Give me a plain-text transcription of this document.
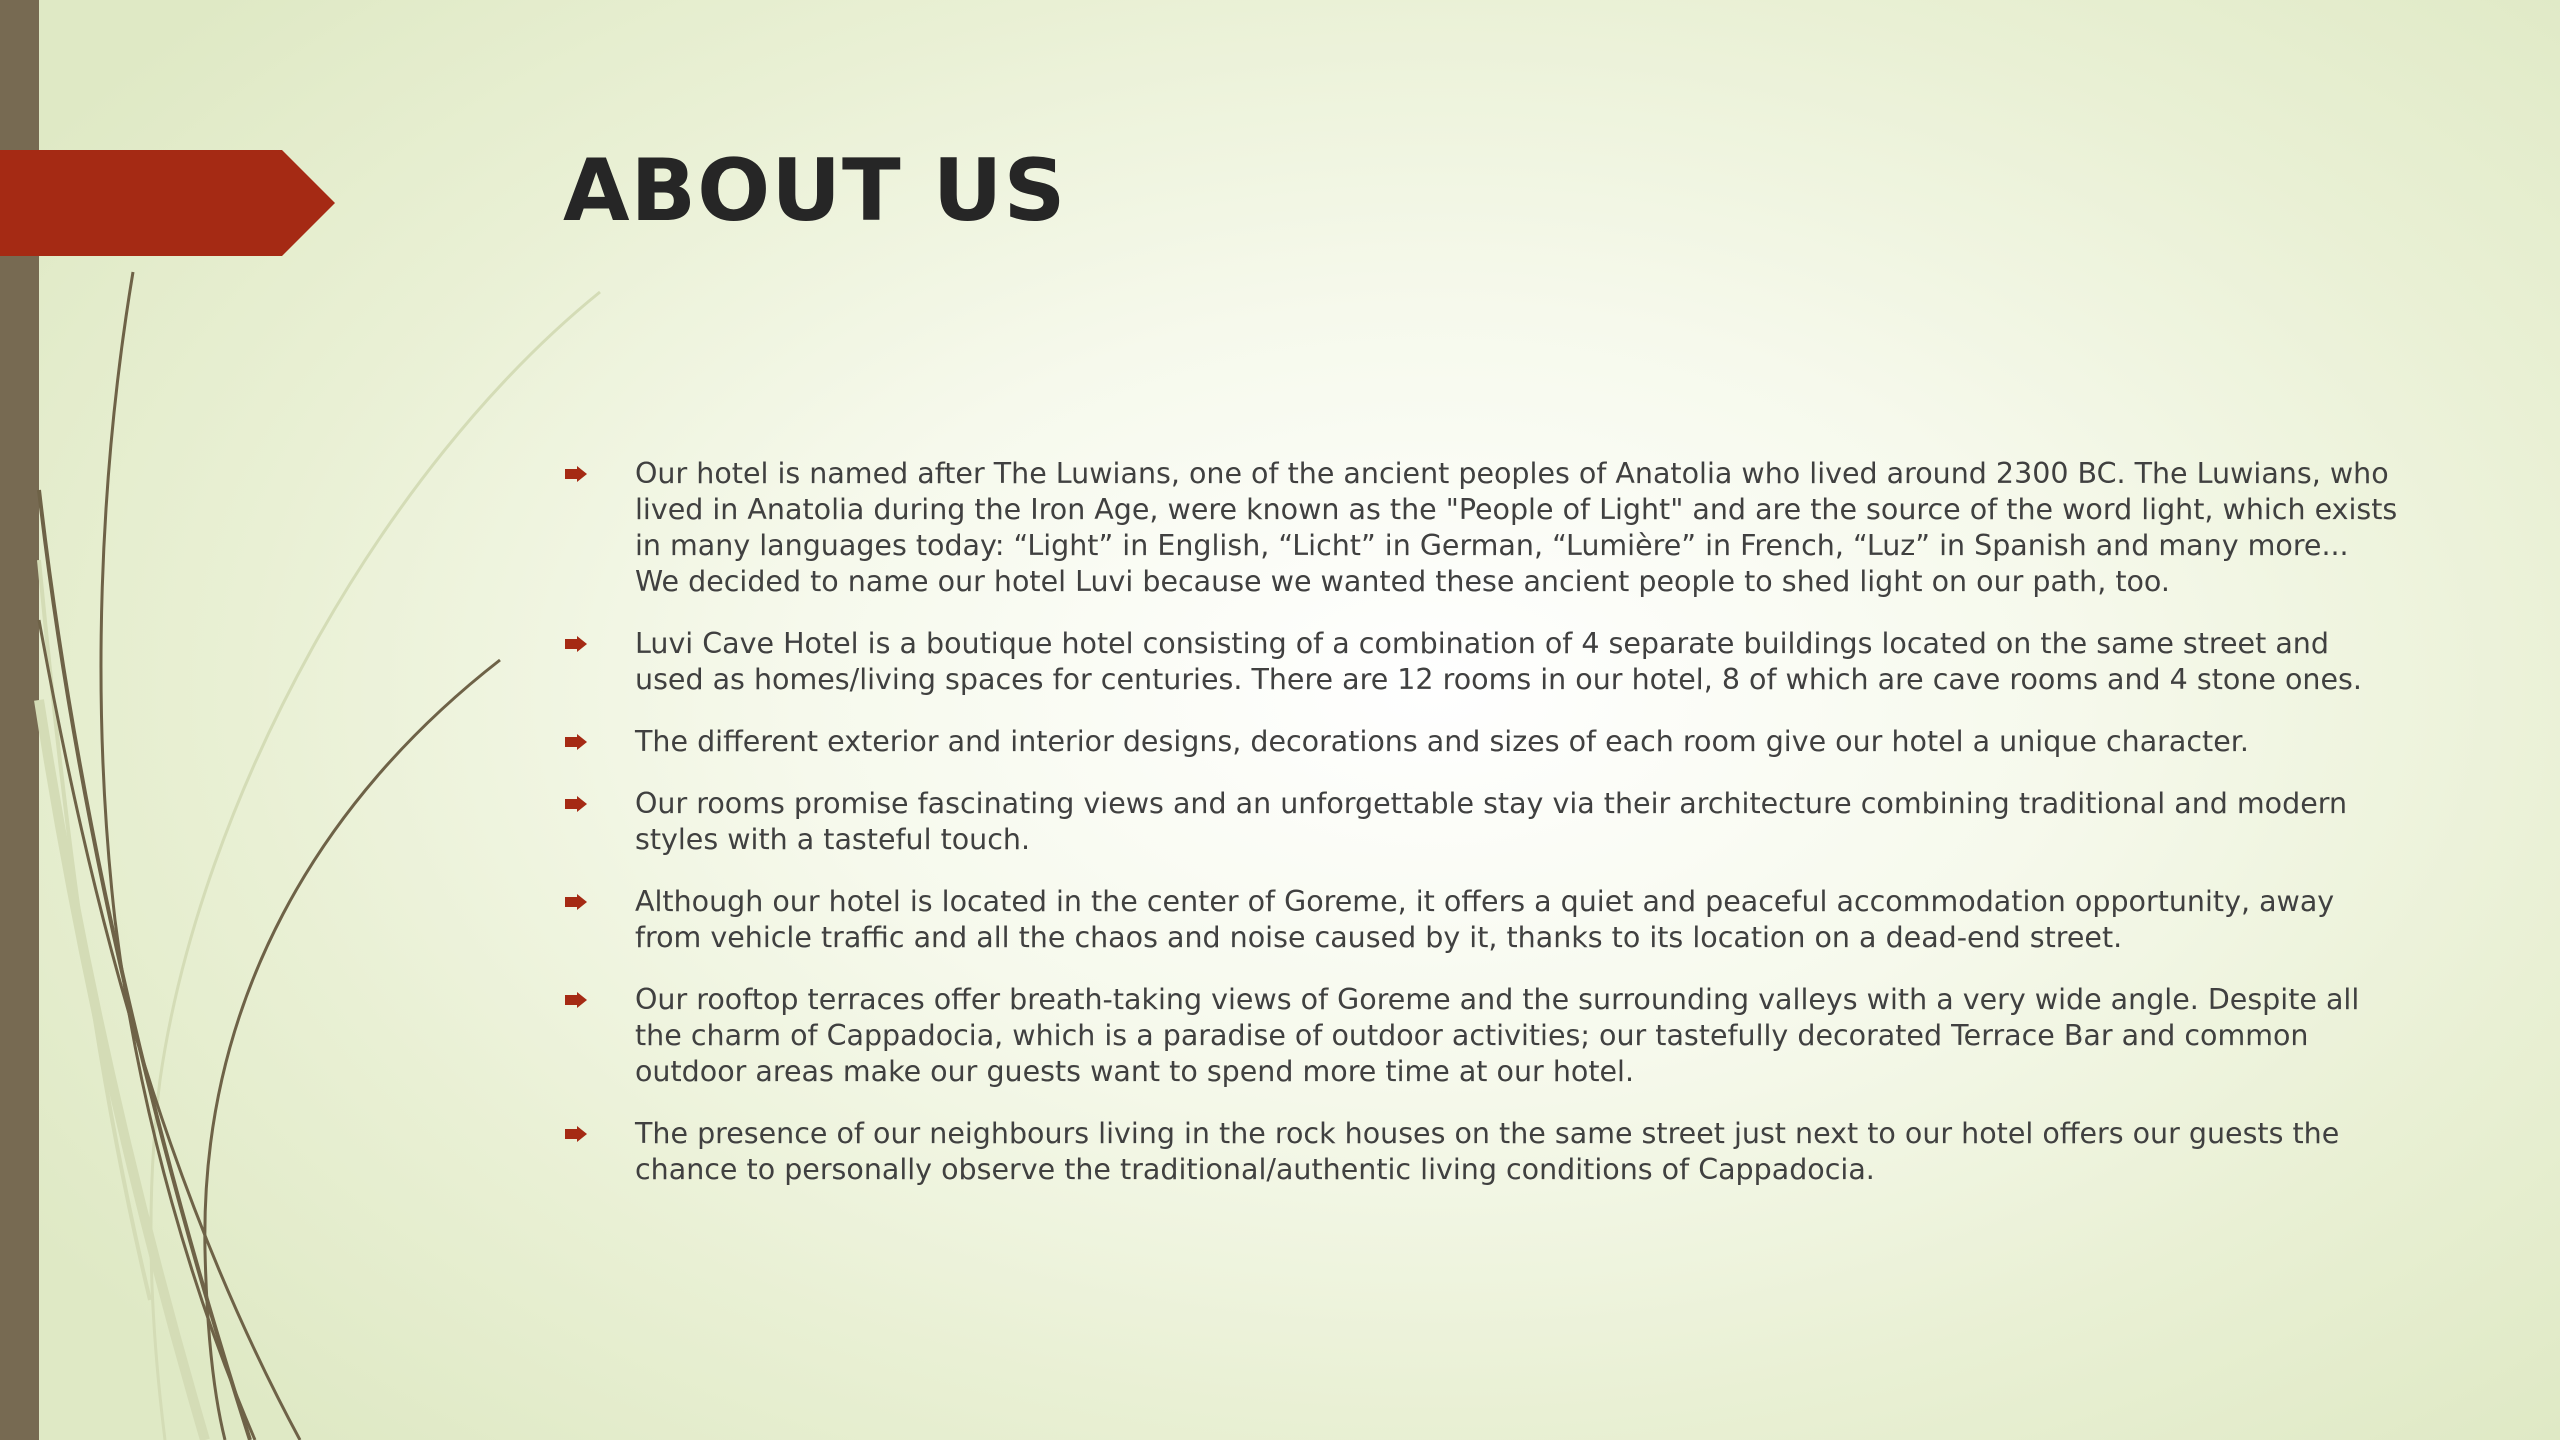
ABOUT US
Our hotel is named after The Luwians, one of the ancient peoples of Anatolia who lived around 2300 BC. The Luwians, who lived in Anatolia during the Iron Age, were known as the "People of Light" and are the source of the word light, which exists in many languages today: “Light” in English, “Licht” in German, “Lumière” in French, “Luz” in Spanish and many more... We decided to name our hotel Luvi because we wanted these ancient people to shed light on our path, too.
Luvi Cave Hotel is a boutique hotel consisting of a combination of 4 separate buildings located on the same street and used as homes/living spaces for centuries. There are 12 rooms in our hotel, 8 of which are cave rooms and 4 stone ones.
The different exterior and interior designs, decorations and sizes of each room give our hotel a unique character.
Our rooms promise fascinating views and an unforgettable stay via their architecture combining traditional and modern styles with a tasteful touch.
Although our hotel is located in the center of Goreme, it offers a quiet and peaceful accommodation opportunity, away from vehicle traffic and all the chaos and noise caused by it, thanks to its location on a dead-end street.
Our rooftop terraces offer breath-taking views of Goreme and the surrounding valleys with a very wide angle. Despite all the charm of Cappadocia, which is a paradise of outdoor activities; our tastefully decorated Terrace Bar and common outdoor areas make our guests want to spend more time at our hotel.
The presence of our neighbours living in the rock houses on the same street just next to our hotel offers our guests the chance to personally observe the traditional/authentic living conditions of Cappadocia.
